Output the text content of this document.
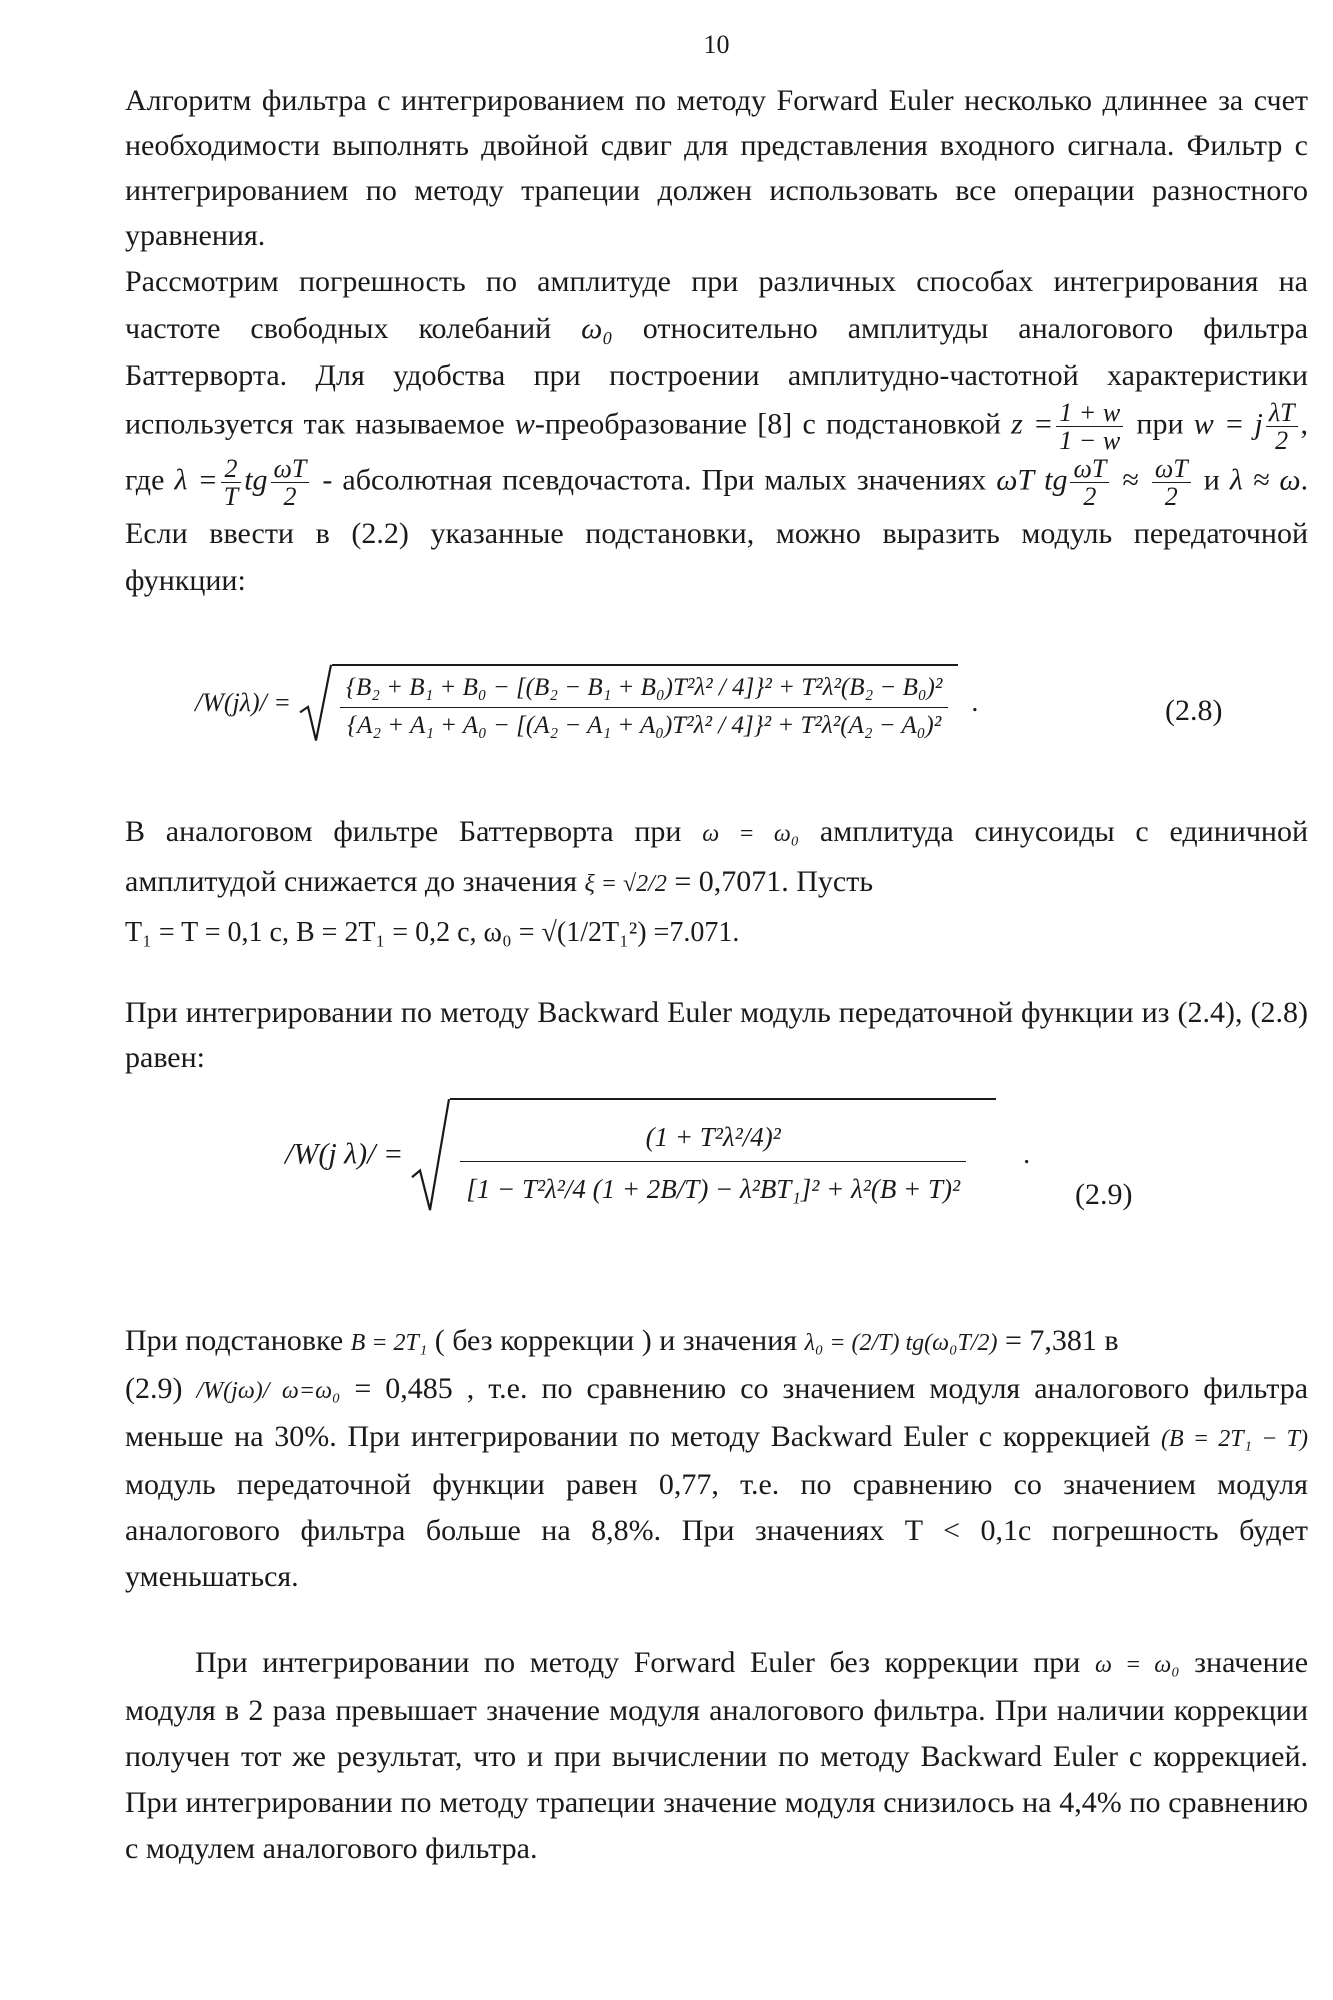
10
Алгоритм фильтра с интегрированием по методу Forward Euler несколько длиннее за счет необходимости выполнять двойной сдвиг для представления входного сигнала. Фильтр с интегрированием по методу трапеции должен использовать все операции разностного уравнения.
Рассмотрим погрешность по амплитуде при различных способах интегрирования на частоте свободных колебаний ω₀ относительно амплитуды аналогового фильтра Баттерворта. Для удобства при построении амплитудно-частотной характеристики используется так называемое w-преобразование [8] с подстановкой $z = \frac{1 + w}{1 - w}$ при w = j $\frac{\lambda T}{2}$ , где $\lambda = \frac{2}{T}$ tg $\frac{\omega T}{2}$ - абсолютная псевдочастота. При малых значениях ωT tg $\frac{\omega T}{2} \approx \frac{\omega T}{2}$ и λ ≈ ω. Если ввести в (2.2) указанные подстановки, можно выразить модуль передаточной функции:
$/W(j\lambda)/ = \frac{\text{\{B₂ + B₁ + B₀ − [(B₂ − B₁ + B₀)T²λ² / 4]\}² + T²λ²(B₂ − B₀)²}}{\text{\{A₂ + A₁ + A₀ − [(A₂ − A₁ + A₀)T²λ² / 4]\}² + T²λ²(A₂ − A₀)²}}$ .	(2.8)
В аналоговом фильтре Баттерворта при ω = ω₀ амплитуда синусоиды с единичной амплитудой снижается до значения ξ = √2/2 = 0,7071. Пусть
T₁ = T = 0,1 c, B = 2T₁ = 0,2 c, ω₀ = √(1/2T₁²) =7.071.
При интегрировании по методу Backward Euler модуль передаточной функции из (2.4), (2.8) равен:
/W(j $\lambda)/ = \frac{\text{(1 + T²λ²/4)²}}{\text{[1 − T²λ²/4 (1 + 2B/T) − λ²BT₁]² + λ²(B + T)²}}$ .
(2.9)
При подстановке B = 2T₁ ( без коррекции ) и значения λ₀ = (2/T) tg(ω₀T/2) = 7,381 в
(2.9) /W(jω)/ ω=ω₀ = 0,485 , т.е. по сравнению со значением модуля аналогового фильтра меньше на 30%. При интегрировании по методу Backward Euler с коррекцией (B = 2T₁ − T) модуль передаточной функции равен 0,77, т.е. по сравнению со значением модуля аналогового фильтра больше на 8,8%. При значениях T < 0,1c погрешность будет уменьшаться.
При интегрировании по методу Forward Euler без коррекции при ω = ω₀ значение модуля в 2 раза превышает значение модуля аналогового фильтра. При наличии коррекции получен тот же результат, что и при вычислении по методу Backward Euler с коррекцией. При интегрировании по методу трапеции значение модуля снизилось на 4,4% по сравнению с модулем аналогового фильтра.
